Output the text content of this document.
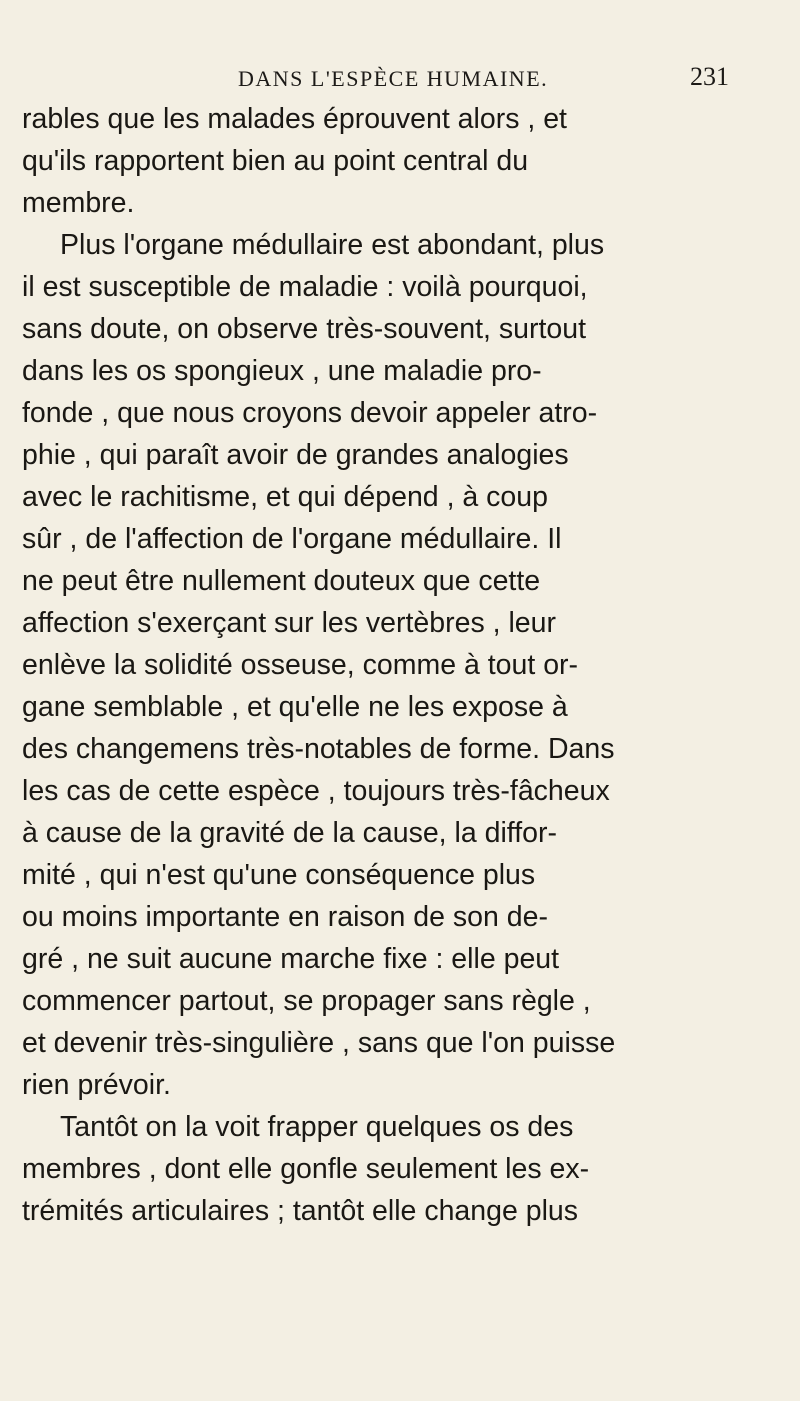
DANS L'ESPÈCE HUMAINE.	231
rables que les malades éprouvent alors , et
qu'ils rapportent bien au point central du
membre.
Plus l'organe médullaire est abondant, plus
il est susceptible de maladie : voilà pourquoi,
sans doute, on observe très-souvent, surtout
dans les os spongieux , une maladie pro-
fonde , que nous croyons devoir appeler atro-
phie , qui paraît avoir de grandes analogies
avec le rachitisme, et qui dépend , à coup
sûr , de l'affection de l'organe médullaire. Il
ne peut être nullement douteux que cette
affection s'exerçant sur les vertèbres , leur
enlève la solidité osseuse, comme à tout or-
gane semblable , et qu'elle ne les expose à
des changemens très-notables de forme. Dans
les cas de cette espèce , toujours très-fâcheux
à cause de la gravité de la cause, la diffor-
mité , qui n'est qu'une conséquence plus
ou moins importante en raison de son de-
gré , ne suit aucune marche fixe : elle peut
commencer partout, se propager sans règle ,
et devenir très-singulière , sans que l'on puisse
rien prévoir.
Tantôt on la voit frapper quelques os des
membres , dont elle gonfle seulement les ex-
trémités articulaires ; tantôt elle change plus
